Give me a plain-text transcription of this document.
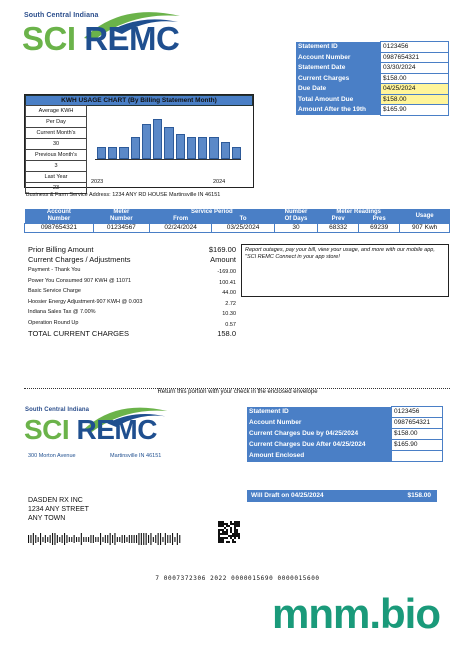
South Central Indiana
SCI REMC	Statement ID	0123456
Account Number	0987654321
Statement Date	03/30/2024
Current Charges	$158.00
Due Date	04/25/2024
Total Amount Due	$158.00
Amount After the 19th	$165.90
KWH USAGE CHART (By Billing Statement Month)
Average KWH
Per Day
Current Month's
30
Previous Month's
3
Last Year
23
2023	2024
Business & Farm Service Address: 1234 ANY RD HOUSE Martinsville IN 46151
Account	Meter	Service Period		Number	Meter Readings		Usage
Number	Number	From	To	Of Days	Prev	Pres	
0987654321	01234567	02/24/2024	03/25/2024	30	68332	69239	907 Kwh
Prior Billing Amount	$169.00
Current Charges / Adjustments	Amount
Payment - Thank You	-169.00
Power You Consumed 907 KWH @ 11071	100.41
Basic Service Charge	44.00
Hoosier Energy Adjustment-907 KWH @ 0.003	2.72
Indiana Sales Tax @ 7.00%	10.30
Operation Round Up	0.57
TOTAL CURRENT CHARGES	158.0
Report outages, pay your bill, view your usage, and more with our mobile app, "SCI REMC Connect in your app store!
Return this portion with your check in the enclosed envelope
South Central Indiana
SCI REMC
300 Morton Avenue	Martinsville IN 46151
Statement ID	0123456
Account Number	0987654321
Current Charges Due by 04/25/2024	$158.00
Current Charges Due After 04/25/2024	$165.90
Amount Enclosed	
Will Draft on 04/25/2024	$158.00
DASDEN RX INC
1234 ANY STREET
ANY TOWN
7 0007372306 2022 0000015690 0000015600
mnm.bio
